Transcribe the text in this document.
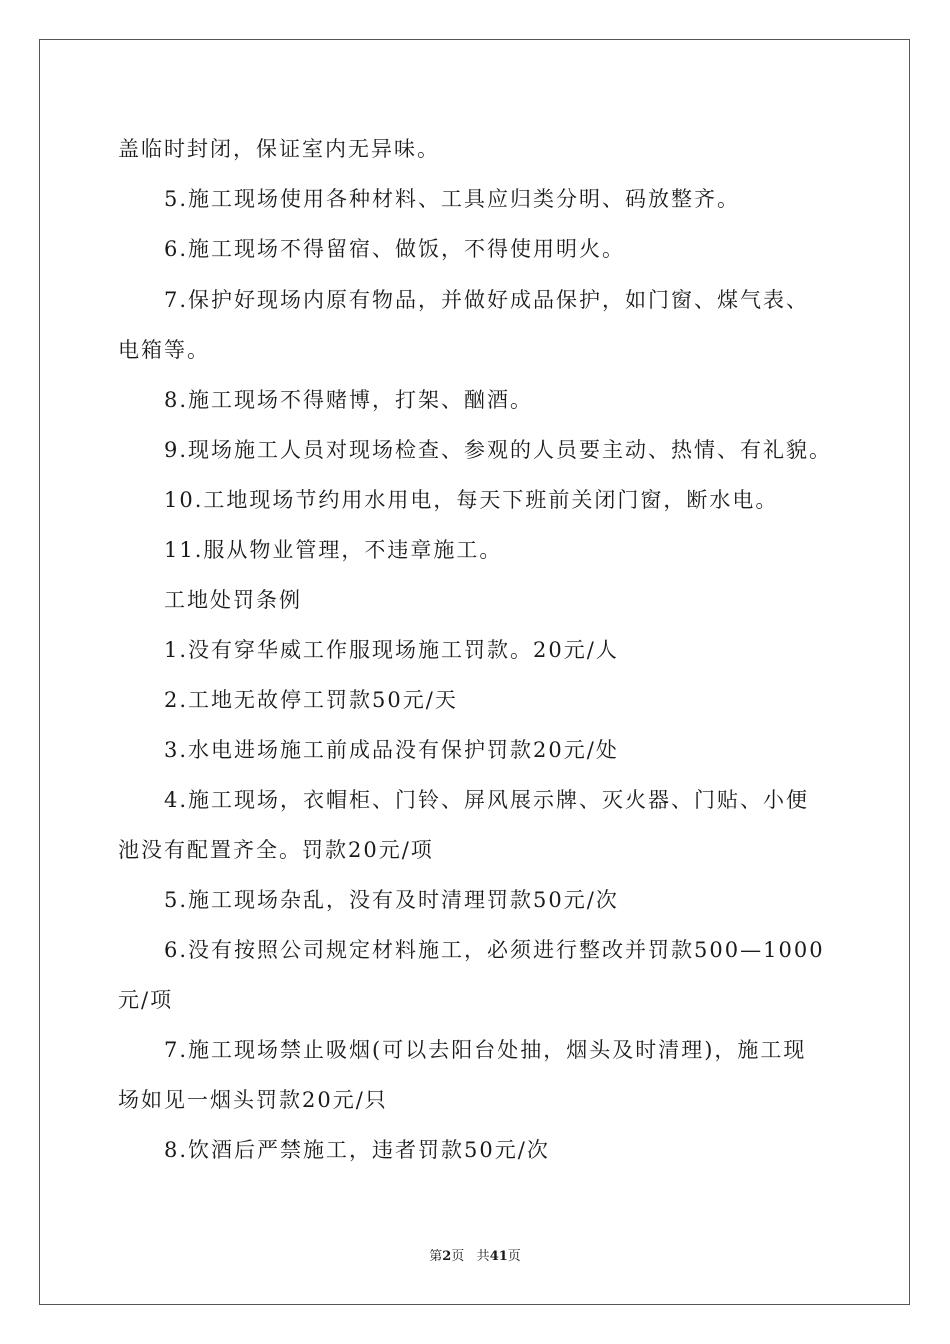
盖临时封闭，保证室内无异味。
5.施工现场使用各种材料、工具应归类分明、码放整齐。
6.施工现场不得留宿、做饭，不得使用明火。
7.保护好现场内原有物品，并做好成品保护，如门窗、煤气表、
电箱等。
8.施工现场不得赌博，打架、酗酒。
9.现场施工人员对现场检查、参观的人员要主动、热情、有礼貌。
10.工地现场节约用水用电，每天下班前关闭门窗，断水电。
11.服从物业管理，不违章施工。
工地处罚条例
1.没有穿华威工作服现场施工罚款。20元/人
2.工地无故停工罚款50元/天
3.水电进场施工前成品没有保护罚款20元/处
4.施工现场，衣帽柜、门铃、屏风展示牌、灭火器、门贴、小便
池没有配置齐全。罚款20元/项
5.施工现场杂乱，没有及时清理罚款50元/次
6.没有按照公司规定材料施工，必须进行整改并罚款500—1000
元/项
7.施工现场禁止吸烟(可以去阳台处抽，烟头及时清理)，施工现
场如见一烟头罚款20元/只
8.饮酒后严禁施工，违者罚款50元/次
第2页 共41页
